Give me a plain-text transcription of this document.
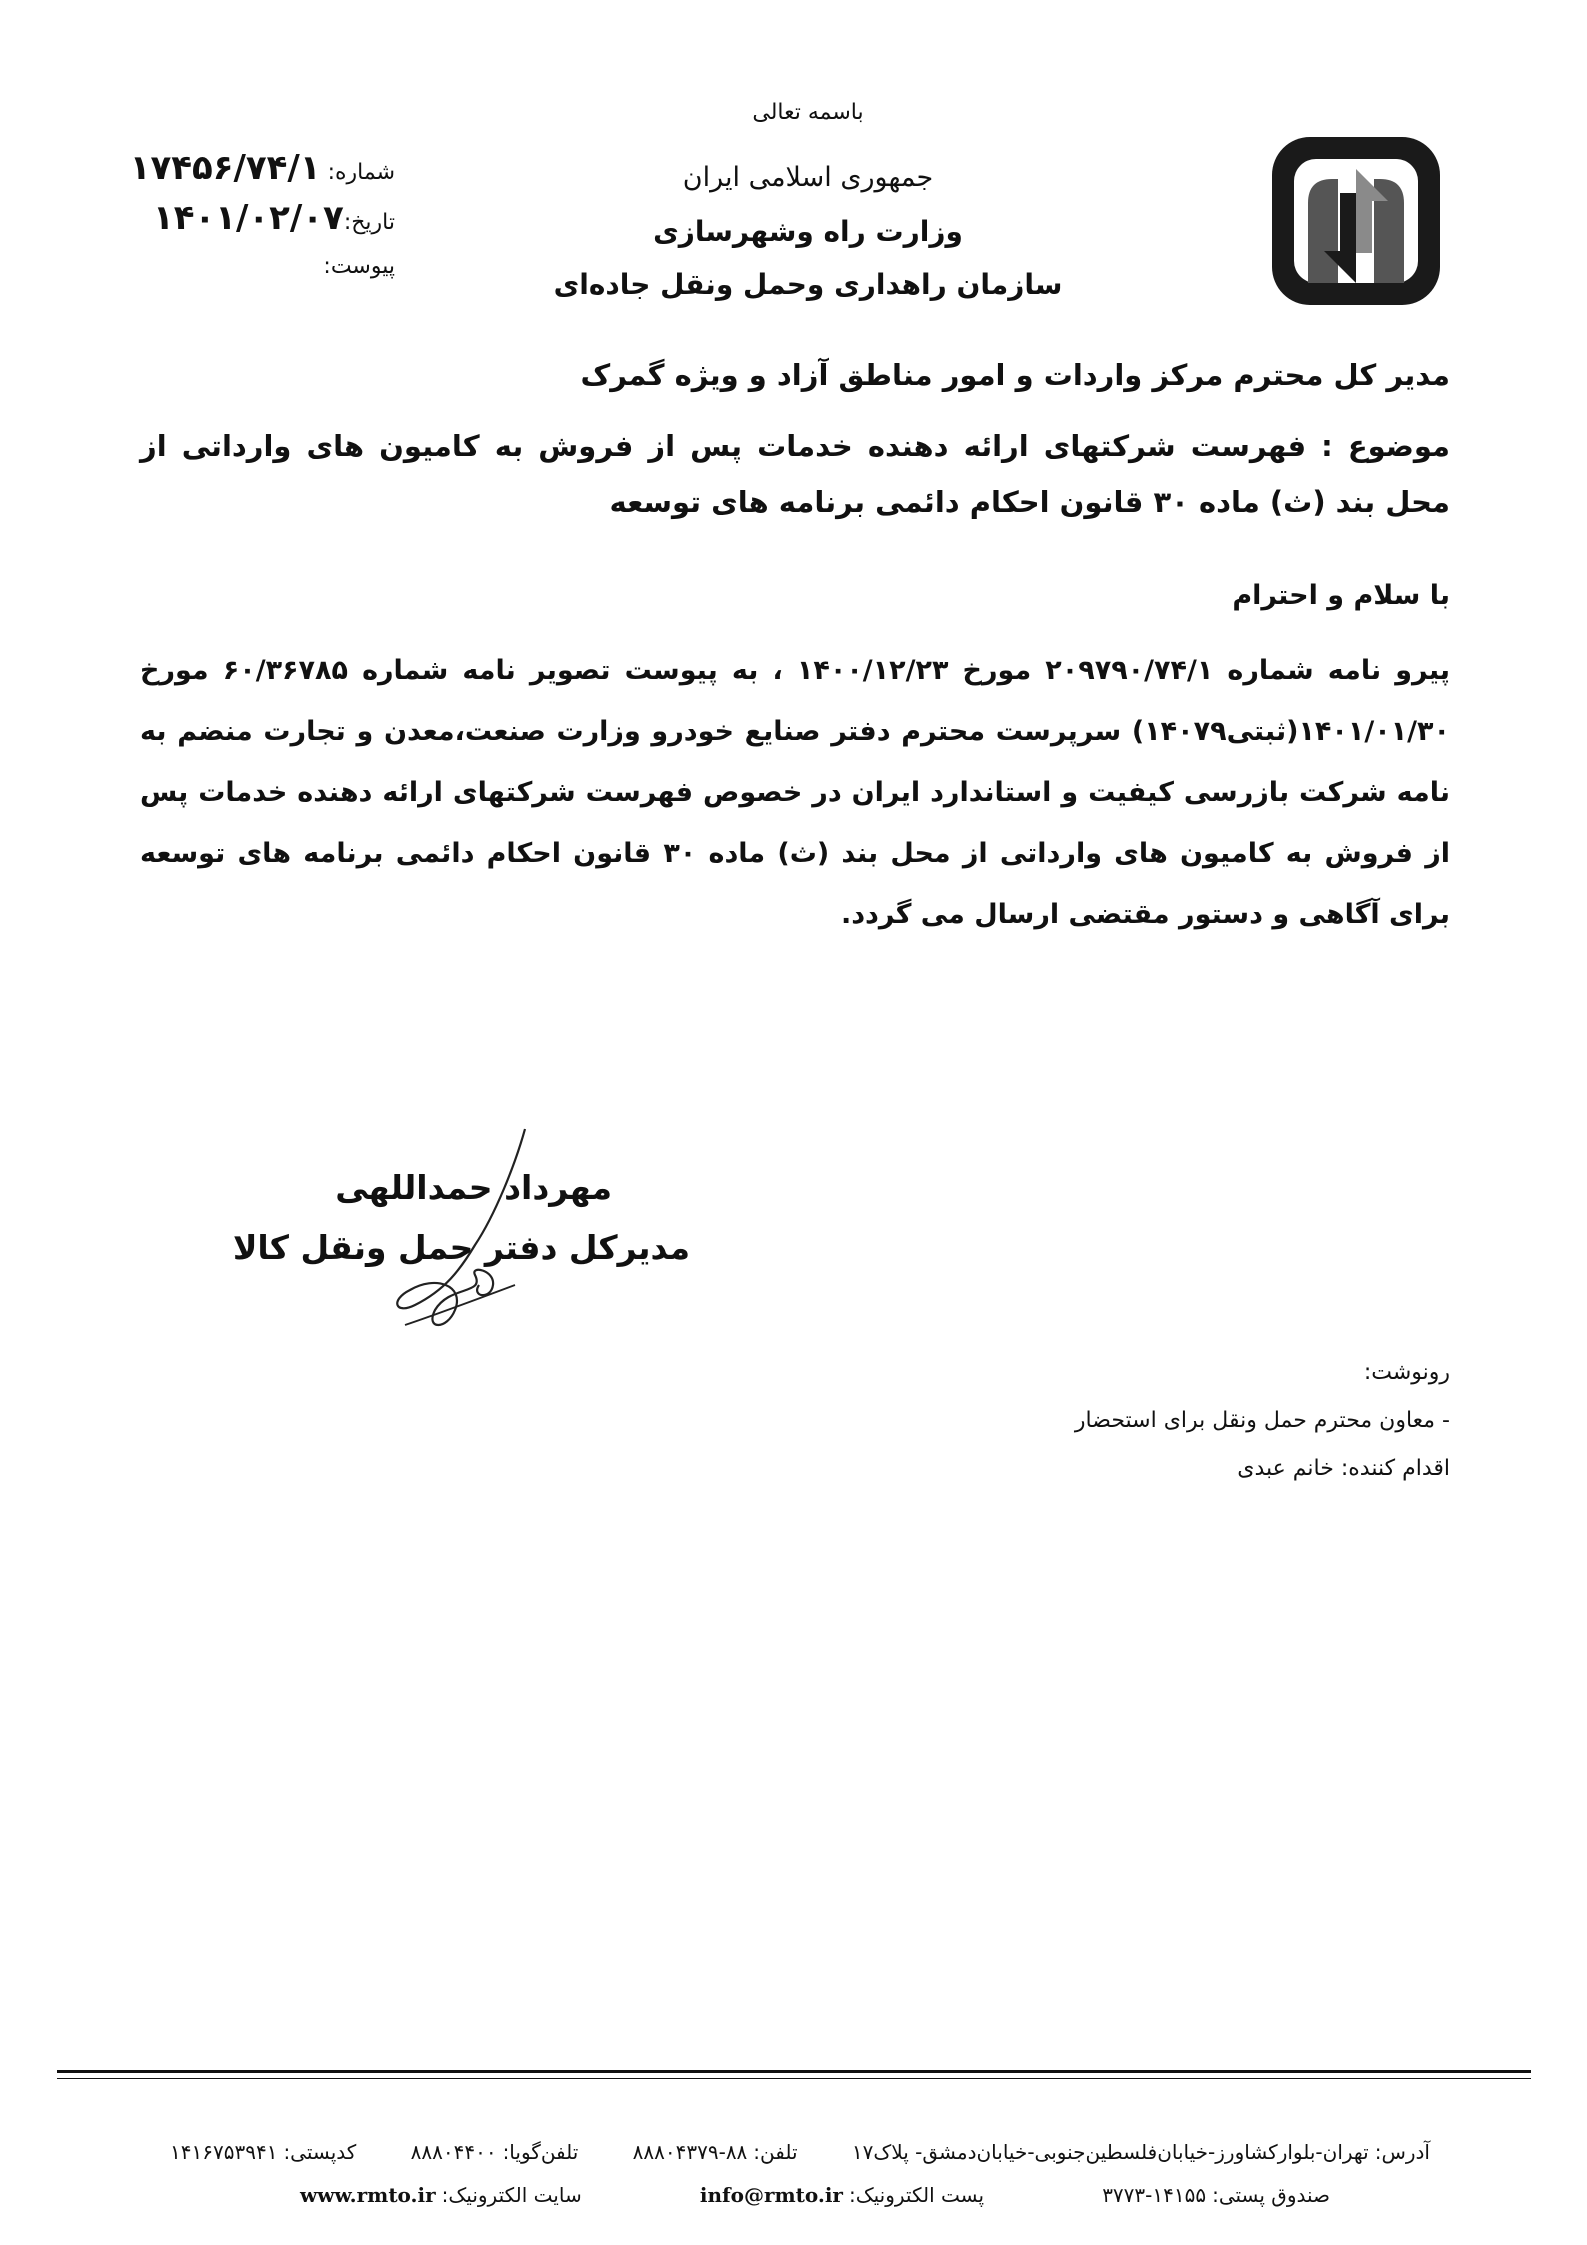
باسمه تعالی
جمهوری اسلامی ایران
وزارت راه وشهرسازی
سازمان راهداری وحمل ونقل جاده‌ای
شماره: ۱۷۴۵۶/۷۴/۱
تاریخ:۱۴۰۱/۰۲/۰۷
پیوست:
مدیر کل محترم مرکز واردات و امور مناطق آزاد و ویژه گمرک
موضوع : فهرست شرکتهای ارائه دهنده خدمات پس از فروش به کامیون های وارداتی از محل بند (ث) ماده ۳۰ قانون احکام دائمی برنامه های توسعه
با سلام و احترام
پیرو نامه شماره ۲۰۹۷۹۰/۷۴/۱ مورخ ۱۴۰۰/۱۲/۲۳ ، به پیوست تصویر نامه شماره ۶۰/۳۶۷۸۵ مورخ ۱۴۰۱/۰۱/۳۰(ثبتی۱۴۰۷۹) سرپرست محترم دفتر صنایع خودرو وزارت صنعت،معدن و تجارت منضم به نامه شرکت بازرسی کیفیت و استاندارد ایران در خصوص فهرست شرکتهای ارائه دهنده خدمات پس از فروش به کامیون های وارداتی از محل بند (ث) ماده ۳۰ قانون احکام دائمی برنامه های توسعه برای آگاهی و دستور مقتضی ارسال می گردد.
مهرداد حمداللهی
مدیرکل دفتر حمل ونقل کالا
رونوشت:
- معاون محترم حمل ونقل برای استحضار
اقدام کننده: خانم عبدی
آدرس:تهران-بلوارکشاورز-خیابان‌فلسطین‌جنوبی-خیابان‌دمشق- پلاک۱۷
تلفن:۸۸-۸۸۸۰۴۳۷۹
تلفن‌گویا:۸۸۸۰۴۴۰۰
کدپستی:۱۴۱۶۷۵۳۹۴۱
صندوق پستی:۱۴۱۵۵-۳۷۷۳
پست الکترونیک:info@rmto.ir
سایت الکترونیک:www.rmto.ir
